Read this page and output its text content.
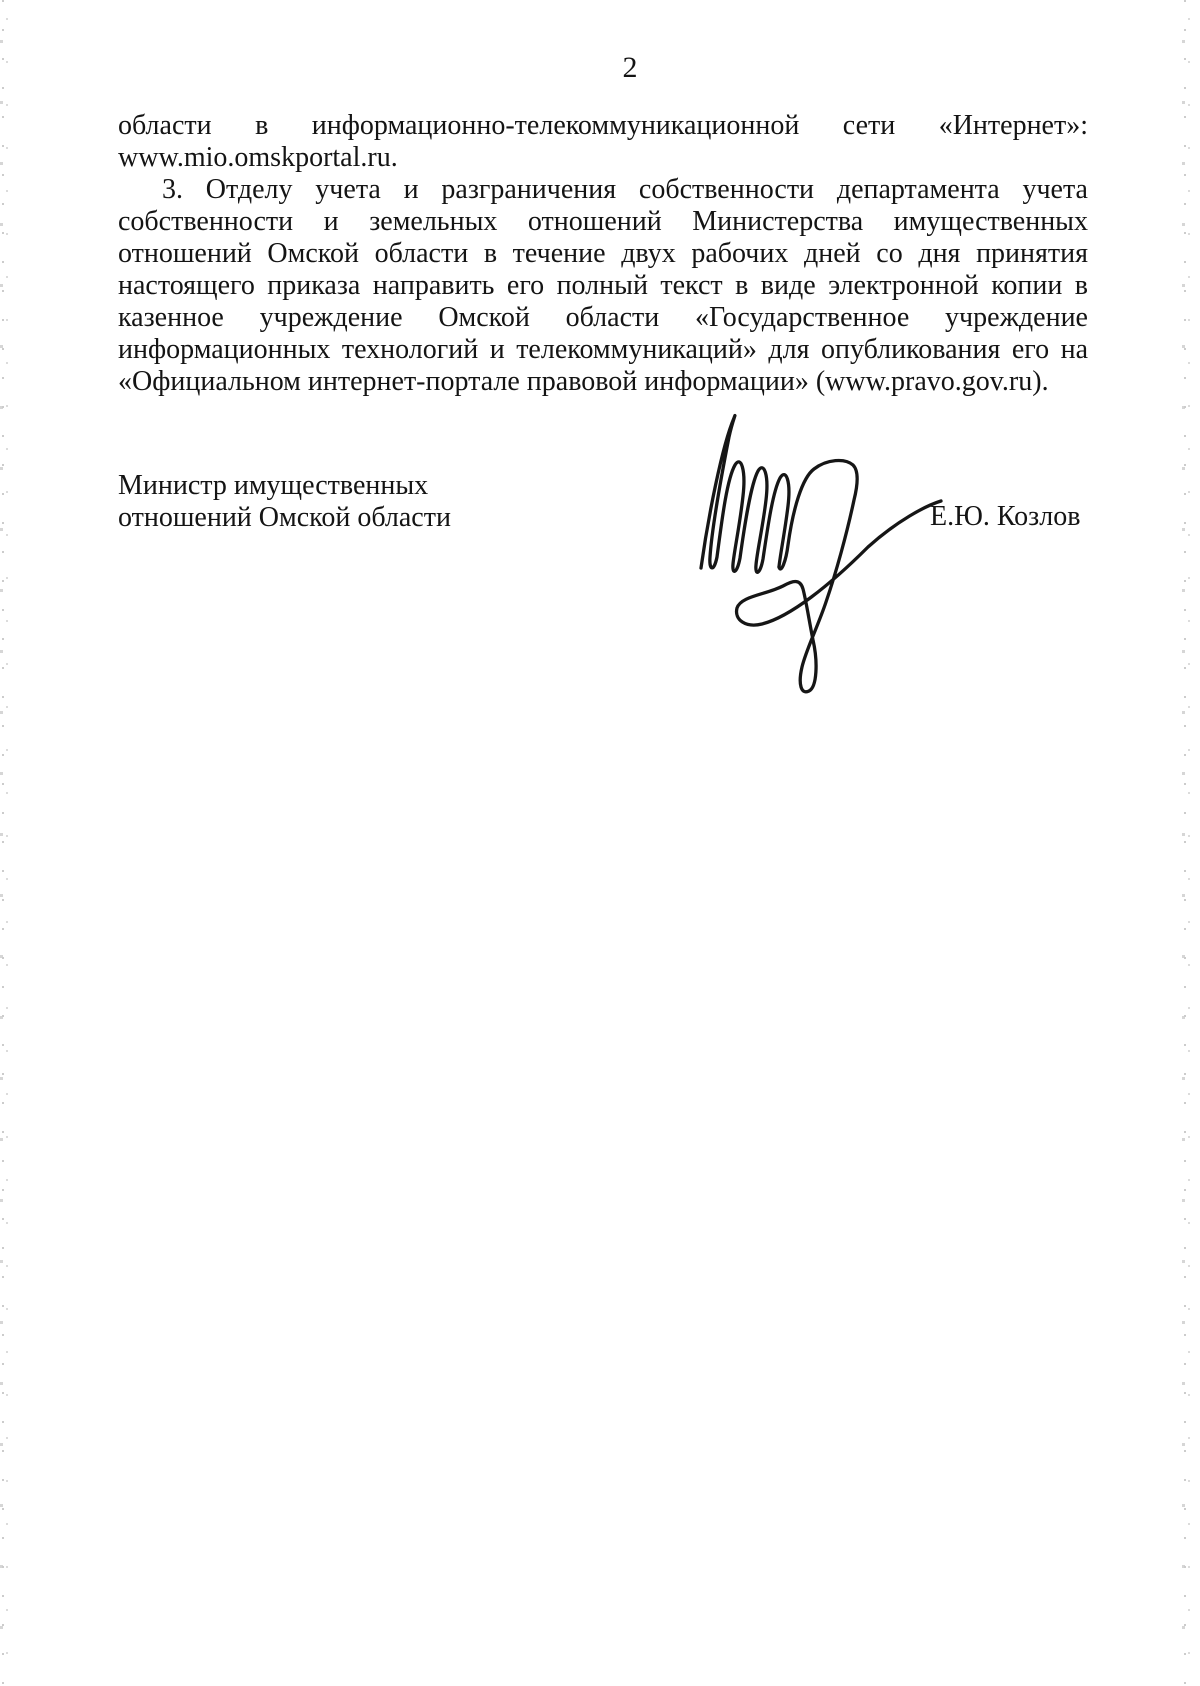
2
области в информационно-телекоммуникационной сети «Интернет»:
www.mio.omskportal.ru.
3. Отделу учета и разграничения собственности департамента учета
собственности и земельных отношений Министерства имущественных
отношений Омской области в течение двух рабочих дней со дня принятия
настоящего приказа направить его полный текст в виде электронной копии в
казенное учреждение Омской области «Государственное учреждение
информационных технологий и телекоммуникаций» для опубликования его на
«Официальном интернет-портале правовой информации» (www.pravo.gov.ru).
Министр имущественных
отношений Омской области	Е.Ю. Козлов
